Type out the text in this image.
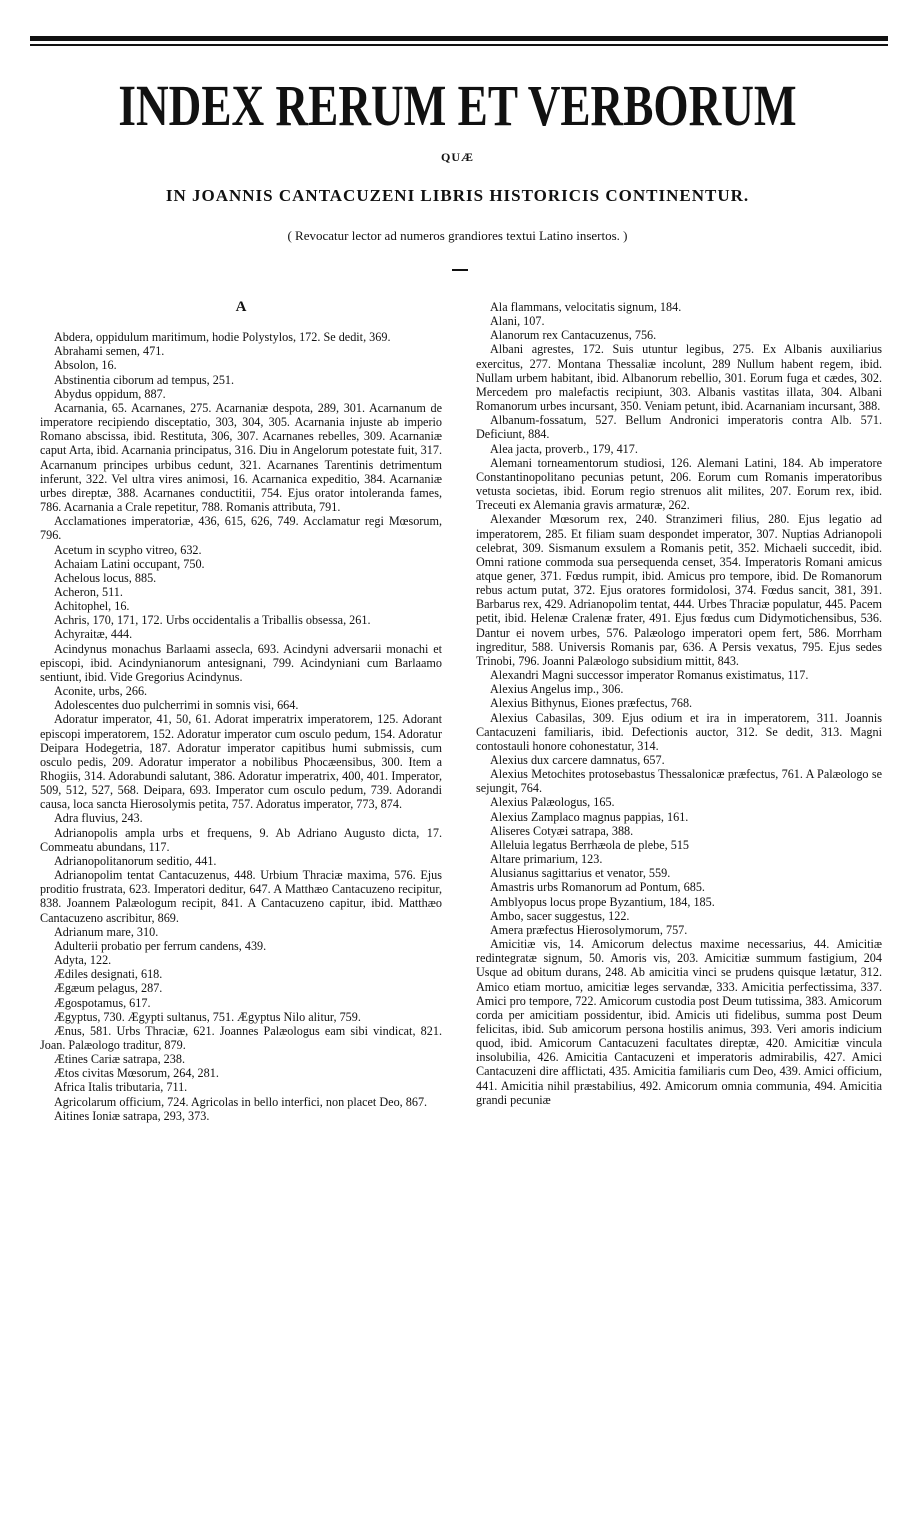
INDEX RERUM ET VERBORUM
QUÆ
IN JOANNIS CANTACUZENI LIBRIS HISTORICIS CONTINENTUR.
( Revocatur lector ad numeros grandiores textui Latino insertos. )
A

Abdera, oppidulum maritimum, hodie Polystylos, 172. Se dedit, 369.

Abrahami semen, 471.

Absolon, 16.

Abstinentia ciborum ad tempus, 251.

Abydus oppidum, 887.

Acarnania, 65. Acarnanes, 275. Acarnaniæ despota, 289, 301. Acarnanum de imperatore recipiendo disceptatio, 303, 304, 305. Acarnania injuste ab imperio Romano abscissa, ibid. Restituta, 306, 307. Acarnanes rebelles, 309. Acarnaniæ caput Arta, ibid. Acarnania principatus, 316. Diu in Angelorum potestate fuit, 317. Acarnanum principes urbibus cedunt, 321. Acarnanes Tarentinis detrimentum inferunt, 322. Vel ultra vires animosi, 16. Acarnanica expeditio, 384. Acarnaniæ urbes direptæ, 388. Acarnanes conductitii, 754. Ejus orator intoleranda fames, 786. Acarnania a Crale repetitur, 788. Romanis attributa, 791.

Acclamationes imperatoriæ, 436, 615, 626, 749. Acclamatur regi Mœsorum, 796.

Acetum in scypho vitreo, 632.

Achaiam Latini occupant, 750.

Achelous locus, 885.

Acheron, 511.

Achitophel, 16.

Achris, 170, 171, 172. Urbs occidentalis a Triballis obsessa, 261.

Achyraitæ, 444.

Acindynus monachus Barlaami assecla, 693. Acindyni adversarii monachi et episcopi, ibid. Acindynianorum antesignani, 799. Acindyniani cum Barlaamo sentiunt, ibid. Vide Gregorius Acindynus.

Aconite, urbs, 266.

Adolescentes duo pulcherrimi in somnis visi, 664.

Adoratur imperator, 41, 50, 61. Adorat imperatrix imperatorem, 125. Adorant episcopi imperatorem, 152. Adoratur imperator cum osculo pedum, 154. Adoratur Deipara Hodegetria, 187. Adoratur imperator capitibus humi submissis, cum osculo pedis, 209. Adoratur imperator a nobilibus Phocæensibus, 300. Item a Rhogiis, 314. Adorabundi salutant, 386. Adoratur imperatrix, 400, 401. Imperator, 509, 512, 527, 568. Deipara, 693. Imperator cum osculo pedum, 739. Adorandi causa, loca sancta Hierosolymis petita, 757. Adoratus imperator, 773, 874.

Adra fluvius, 243.

Adrianopolis ampla urbs et frequens, 9. Ab Adriano Augusto dicta, 17. Commeatu abundans, 117.

Adrianopolitanorum seditio, 441.

Adrianopolim tentat Cantacuzenus, 448. Urbium Thraciæ maxima, 576. Ejus proditio frustrata, 623. Imperatori deditur, 647. A Matthæo Cantacuzeno recipitur, 838. Joannem Palæologum recipit, 841. A Cantacuzeno capitur, ibid. Matthæo Cantacuzeno ascribitur, 869.

Adrianum mare, 310.

Adulterii probatio per ferrum candens, 439.

Adyta, 122.

Ædiles designati, 618.

Ægæum pelagus, 287.

Ægospotamus, 617.

Ægyptus, 730. Ægypti sultanus, 751. Ægyptus Nilo alitur, 759.

Ænus, 581. Urbs Thraciæ, 621. Joannes Palæologus eam sibi vindicat, 821. Joan. Palæologo traditur, 879.

Ætines Cariæ satrapa, 238.

Ætos civitas Mœsorum, 264, 281.

Africa Italis tributaria, 711.

Agricolarum officium, 724. Agricolas in bello interfici, non placet Deo, 867.

Aitines Ioniæ satrapa, 293, 373.

Ala flammans, velocitatis signum, 184.

Alani, 107.

Alanorum rex Cantacuzenus, 756.

Albani agrestes, 172. Suis utuntur legibus, 275. Ex Albanis auxiliarius exercitus, 277. Montana Thessaliæ incolunt, 289 Nullum habent regem, ibid. Nullam urbem habitant, ibid. Albanorum rebellio, 301. Eorum fuga et cædes, 302. Mercedem pro malefactis recipiunt, 303. Albanis vastitas illata, 304. Albani Romanorum urbes incursant, 350. Veniam petunt, ibid. Acarnaniam incursant, 388.

Albanum-fossatum, 527. Bellum Andronici imperatoris contra Alb. 571. Deficiunt, 884.

Alea jacta, proverb., 179, 417.

Alemani torneamentorum studiosi, 126. Alemani Latini, 184. Ab imperatore Constantinopolitano pecunias petunt, 206. Eorum cum Romanis imperatoribus vetusta societas, ibid. Eorum regio strenuos alit milites, 207. Eorum rex, ibid. Treceuti ex Alemania gravis armaturæ, 262.

Alexander Mœsorum rex, 240. Stranzimeri filius, 280. Ejus legatio ad imperatorem, 285. Et filiam suam despondet imperator, 307. Nuptias Adrianopoli celebrat, 309. Sismanum exsulem a Romanis petit, 352. Michaeli succedit, ibid. Omni ratione commoda sua persequenda censet, 354. Imperatoris Romani amicus atque gener, 371. Fœdus rumpit, ibid. Amicus pro tempore, ibid. De Romanorum rebus actum putat, 372. Ejus oratores formidolosi, 374. Fœdus sancit, 381, 391. Barbarus rex, 429. Adrianopolim tentat, 444. Urbes Thraciæ populatur, 445. Pacem petit, ibid. Helenæ Cralenæ frater, 491. Ejus fœdus cum Didymotichensibus, 536. Dantur ei novem urbes, 576. Palæologo imperatori opem fert, 586. Morrham ingreditur, 588. Universis Romanis par, 636. A Persis vexatus, 795. Ejus sedes Trinobi, 796. Joanni Palæologo subsidium mittit, 843.

Alexandri Magni successor imperator Romanus existimatus, 117.

Alexius Angelus imp., 306.

Alexius Bithynus, Eiones præfectus, 768.

Alexius Cabasilas, 309. Ejus odium et ira in imperatorem, 311. Joannis Cantacuzeni familiaris, ibid. Defectionis auctor, 312. Se dedit, 313. Magni contostauli honore cohonestatur, 314.

Alexius dux carcere damnatus, 657.

Alexius Metochites protosebastus Thessalonicæ præfectus, 761. A Palæologo se sejungit, 764.

Alexius Palæologus, 165.

Alexius Zamplaco magnus pappias, 161.

Aliseres Cotyæi satrapa, 388.

Alleluia legatus Berrhæola de plebe, 515

Altare primarium, 123.

Alusianus sagittarius et venator, 559.

Amastris urbs Romanorum ad Pontum, 685.

Amblyopus locus prope Byzantium, 184, 185.

Ambo, sacer suggestus, 122.

Amera præfectus Hierosolymorum, 757.

Amicitiæ vis, 14. Amicorum delectus maxime necessarius, 44. Amicitiæ redintegratæ signum, 50. Amoris vis, 203. Amicitiæ summum fastigium, 204 Usque ad obitum durans, 248. Ab amicitia vinci se prudens quisque lætatur, 312. Amico etiam mortuo, amicitiæ leges servandæ, 333. Amicitia perfectissima, 337. Amici pro tempore, 722. Amicorum custodia post Deum tutissima, 383. Amicorum corda per amicitiam possidentur, ibid. Amicis uti fidelibus, summa post Deum felicitas, ibid. Sub amicorum persona hostilis animus, 393. Veri amoris indicium quod, ibid. Amicorum Cantacuzeni facultates direptæ, 420. Amicitiæ vincula insolubilia, 426. Amicitia Cantacuzeni et imperatoris admirabilis, 427. Amici Cantacuzeni dire afflictati, 435. Amicitia familiaris cum Deo, 439. Amici officium, 441. Amicitia nihil præstabilius, 492. Amicorum omnia communia, 494. Amicitia grandi pecuniæ
